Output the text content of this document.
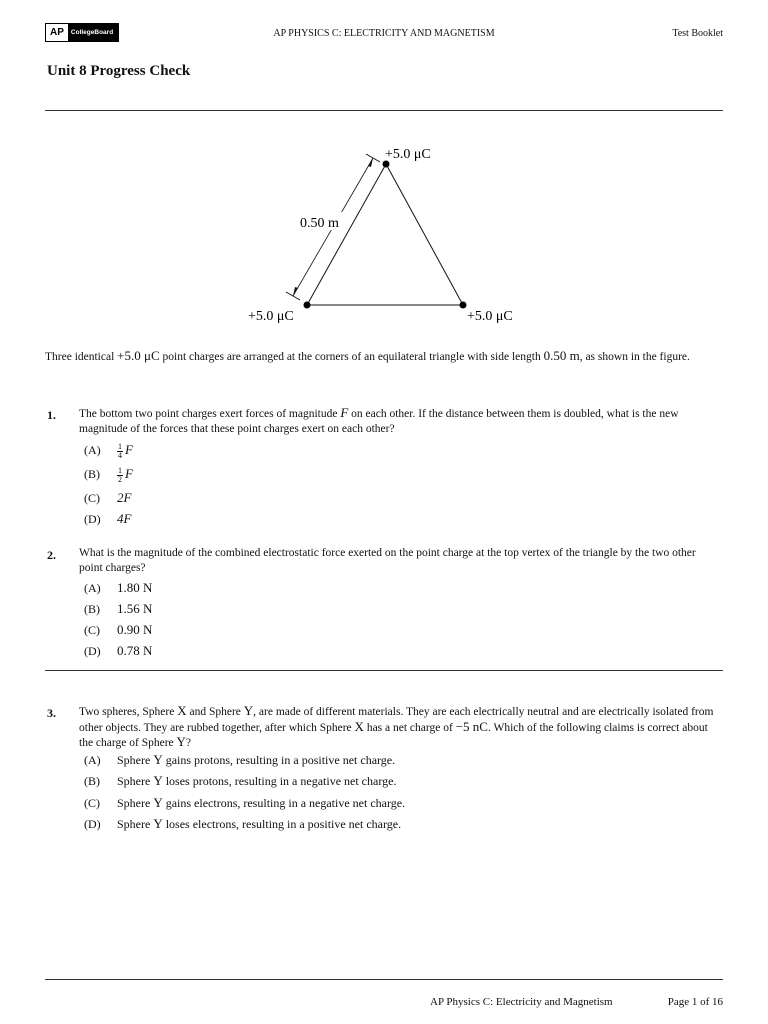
AP	CollegeBoard	AP PHYSICS C: ELECTRICITY AND MAGNETISM	Test Booklet
Unit 8 Progress Check
0.50 m
+5.0 μC
+5.0 μC	+5.0 μC
Three identical +5.0 μC point charges are arranged at the corners of an equilateral triangle with side length 0.50 m, as shown in the figure.
1. The bottom two point charges exert forces of magnitude F on each other. If the distance between them is doubled, what is the new magnitude of the forces that these point charges exert on each other?
$(A) \frac{1}{4}$ F
$(B) \frac{1}{2}$ F
(C) 2F
(D) 4F
2. What is the magnitude of the combined electrostatic force exerted on the point charge at the top vertex of the triangle by the two other point charges?
(A) 1.80 N
(B) 1.56 N
(C) 0.90 N
(D) 0.78 N
3. Two spheres, Sphere X and Sphere Y, are made of different materials. They are each electrically neutral and are electrically isolated from other objects. They are rubbed together, after which Sphere X has a net charge of −5 nC. Which of the following claims is correct about the charge of Sphere Y?
(A) Sphere Y gains protons, resulting in a positive net charge.
(B) Sphere Y loses protons, resulting in a negative net charge.
(C) Sphere Y gains electrons, resulting in a negative net charge.
(D) Sphere Y loses electrons, resulting in a positive net charge.
AP Physics C: Electricity and Magnetism	Page 1 of 16
